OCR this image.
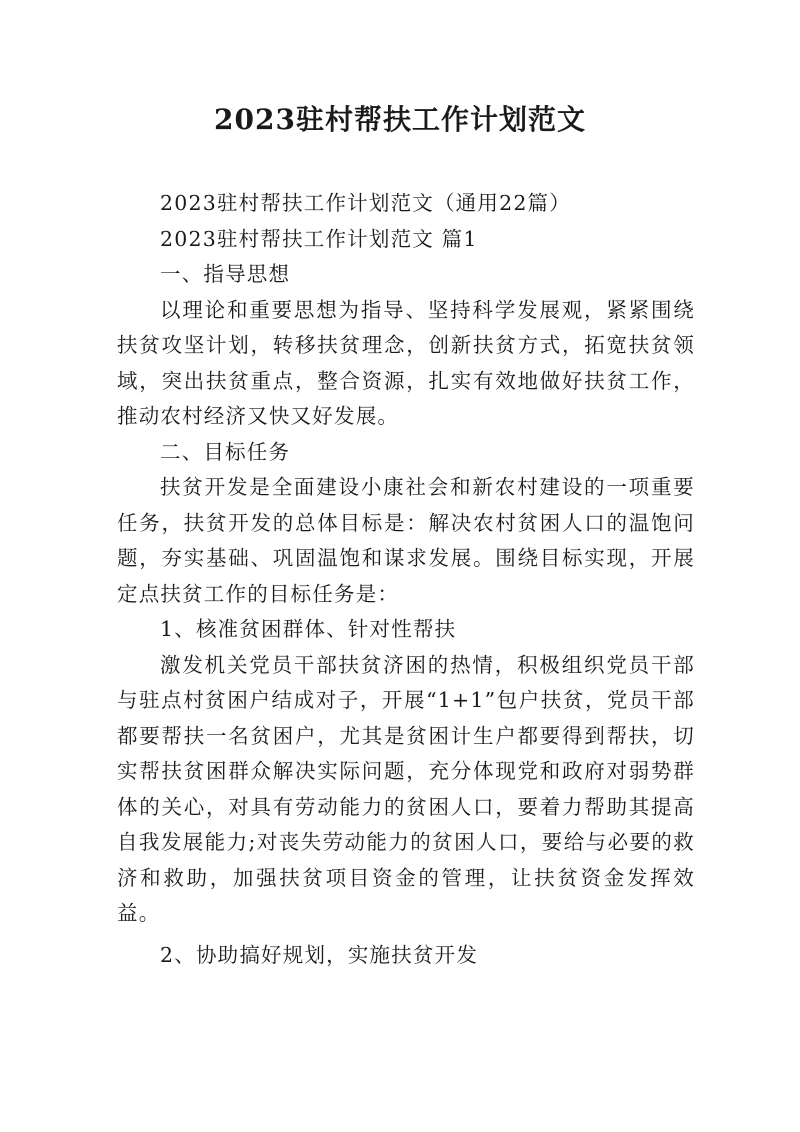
2023驻村帮扶工作计划范文

2023驻村帮扶工作计划范文（通用22篇）

2023驻村帮扶工作计划范文 篇1

一、指导思想

以理论和重要思想为指导、坚持科学发展观，紧紧围绕扶贫攻坚计划，转移扶贫理念，创新扶贫方式，拓宽扶贫领域，突出扶贫重点，整合资源，扎实有效地做好扶贫工作，推动农村经济又快又好发展。

二、目标任务

扶贫开发是全面建设小康社会和新农村建设的一项重要任务，扶贫开发的总体目标是：解决农村贫困人口的温饱问题，夯实基础、巩固温饱和谋求发展。围绕目标实现，开展定点扶贫工作的目标任务是：

1、核准贫困群体、针对性帮扶

激发机关党员干部扶贫济困的热情，积极组织党员干部与驻点村贫困户结成对子，开展“1+1”包户扶贫，党员干部都要帮扶一名贫困户，尤其是贫困计生户都要得到帮扶，切实帮扶贫困群众解决实际问题，充分体现党和政府对弱势群体的关心，对具有劳动能力的贫困人口，要着力帮助其提高自我发展能力;对丧失劳动能力的贫困人口，要给与必要的救济和救助，加强扶贫项目资金的管理，让扶贫资金发挥效益。

2、协助搞好规划，实施扶贫开发
